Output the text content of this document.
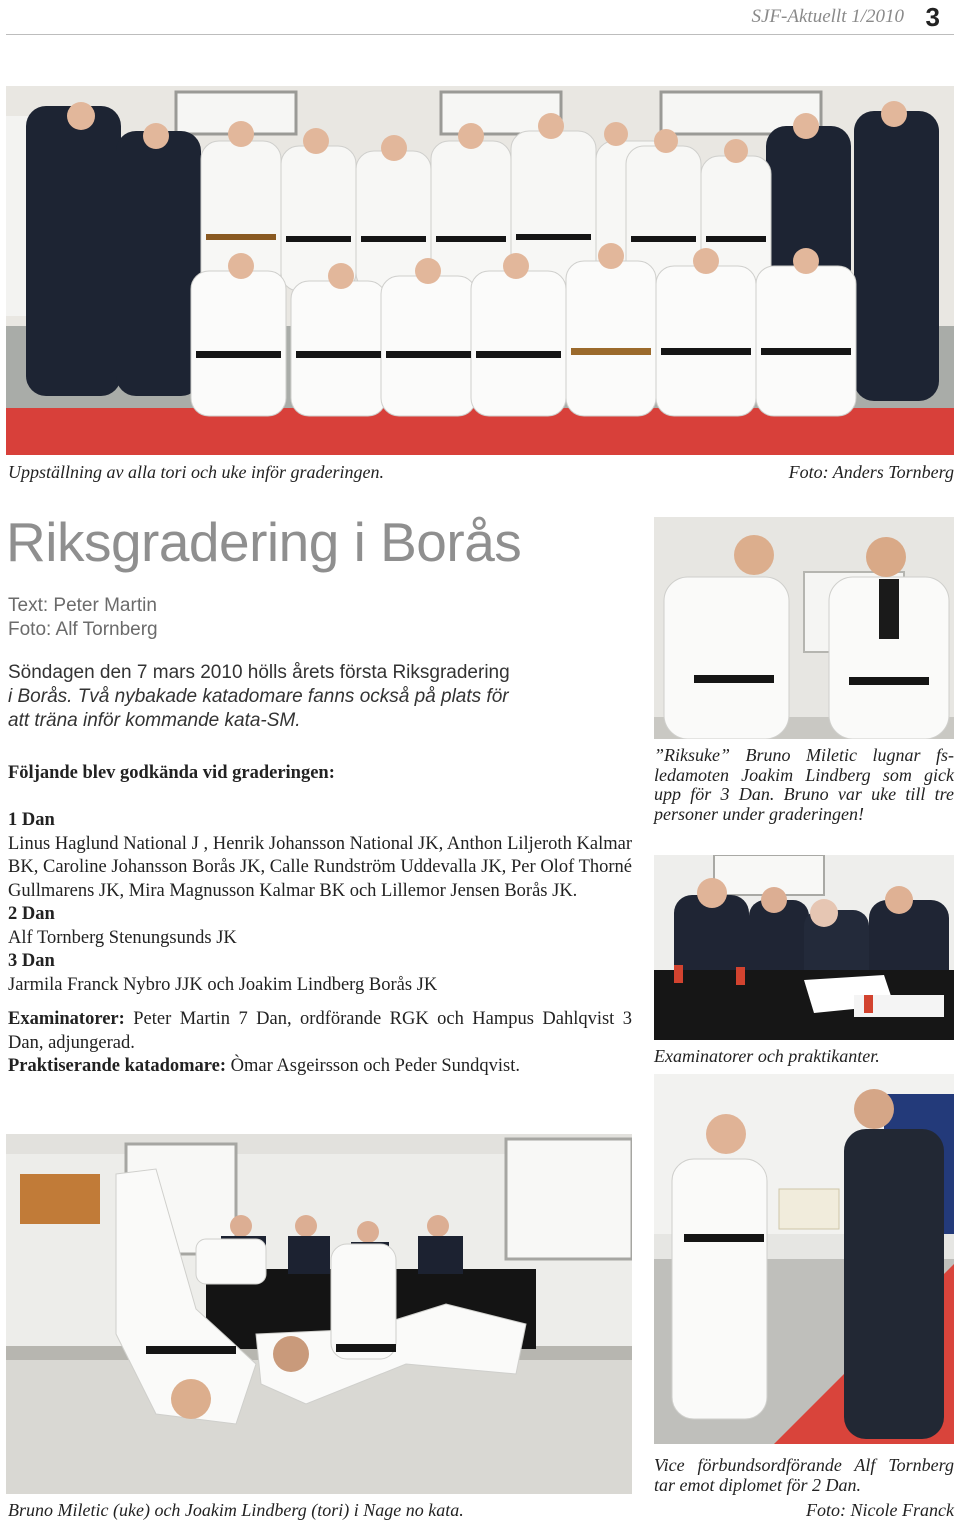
SJF-Aktuellt 1/2010 3
Uppställning av alla tori och uke inför graderingen.	Foto: Anders Tornberg
Riksgradering i Borås
Text: Peter Martin
Foto: Alf Tornberg
Söndagen den 7 mars 2010 hölls årets första Riksgradering
i Borås. Två nybakade katadomare fanns också på plats för
att träna inför kommande kata-SM.

Följande blev godkända vid graderingen:

1 Dan

Linus Haglund National J , Henrik Johansson National JK, Anthon Liljeroth Kalmar BK, Caroline Johansson Borås JK, Calle Rundström Uddevalla JK, Per Olof Thorné Gullmarens JK, Mira Magnusson Kalmar BK och Lillemor Jensen Borås JK.

2 Dan

Alf Tornberg Stenungsunds JK

3 Dan

Jarmila Franck Nybro JJK och Joakim Lindberg Borås JK

Examinatorer: Peter Martin 7 Dan, ordförande RGK och Hampus Dahlqvist 3 Dan, adjungerad.

Praktiserande katadomare: Òmar Asgeirsson och Peder Sundqvist.

”Riksuke” Bruno Miletic lugnar fs-ledamoten Joakim Lindberg som gick upp för 3 Dan. Bruno var uke till tre personer under graderingen!
Examinatorer och praktikanter.
Vice förbundsordförande Alf Tornberg tar emot diplomet för 2 Dan.
Foto: Nicole Franck
Bruno Miletic (uke) och Joakim Lindberg (tori) i Nage no kata.
